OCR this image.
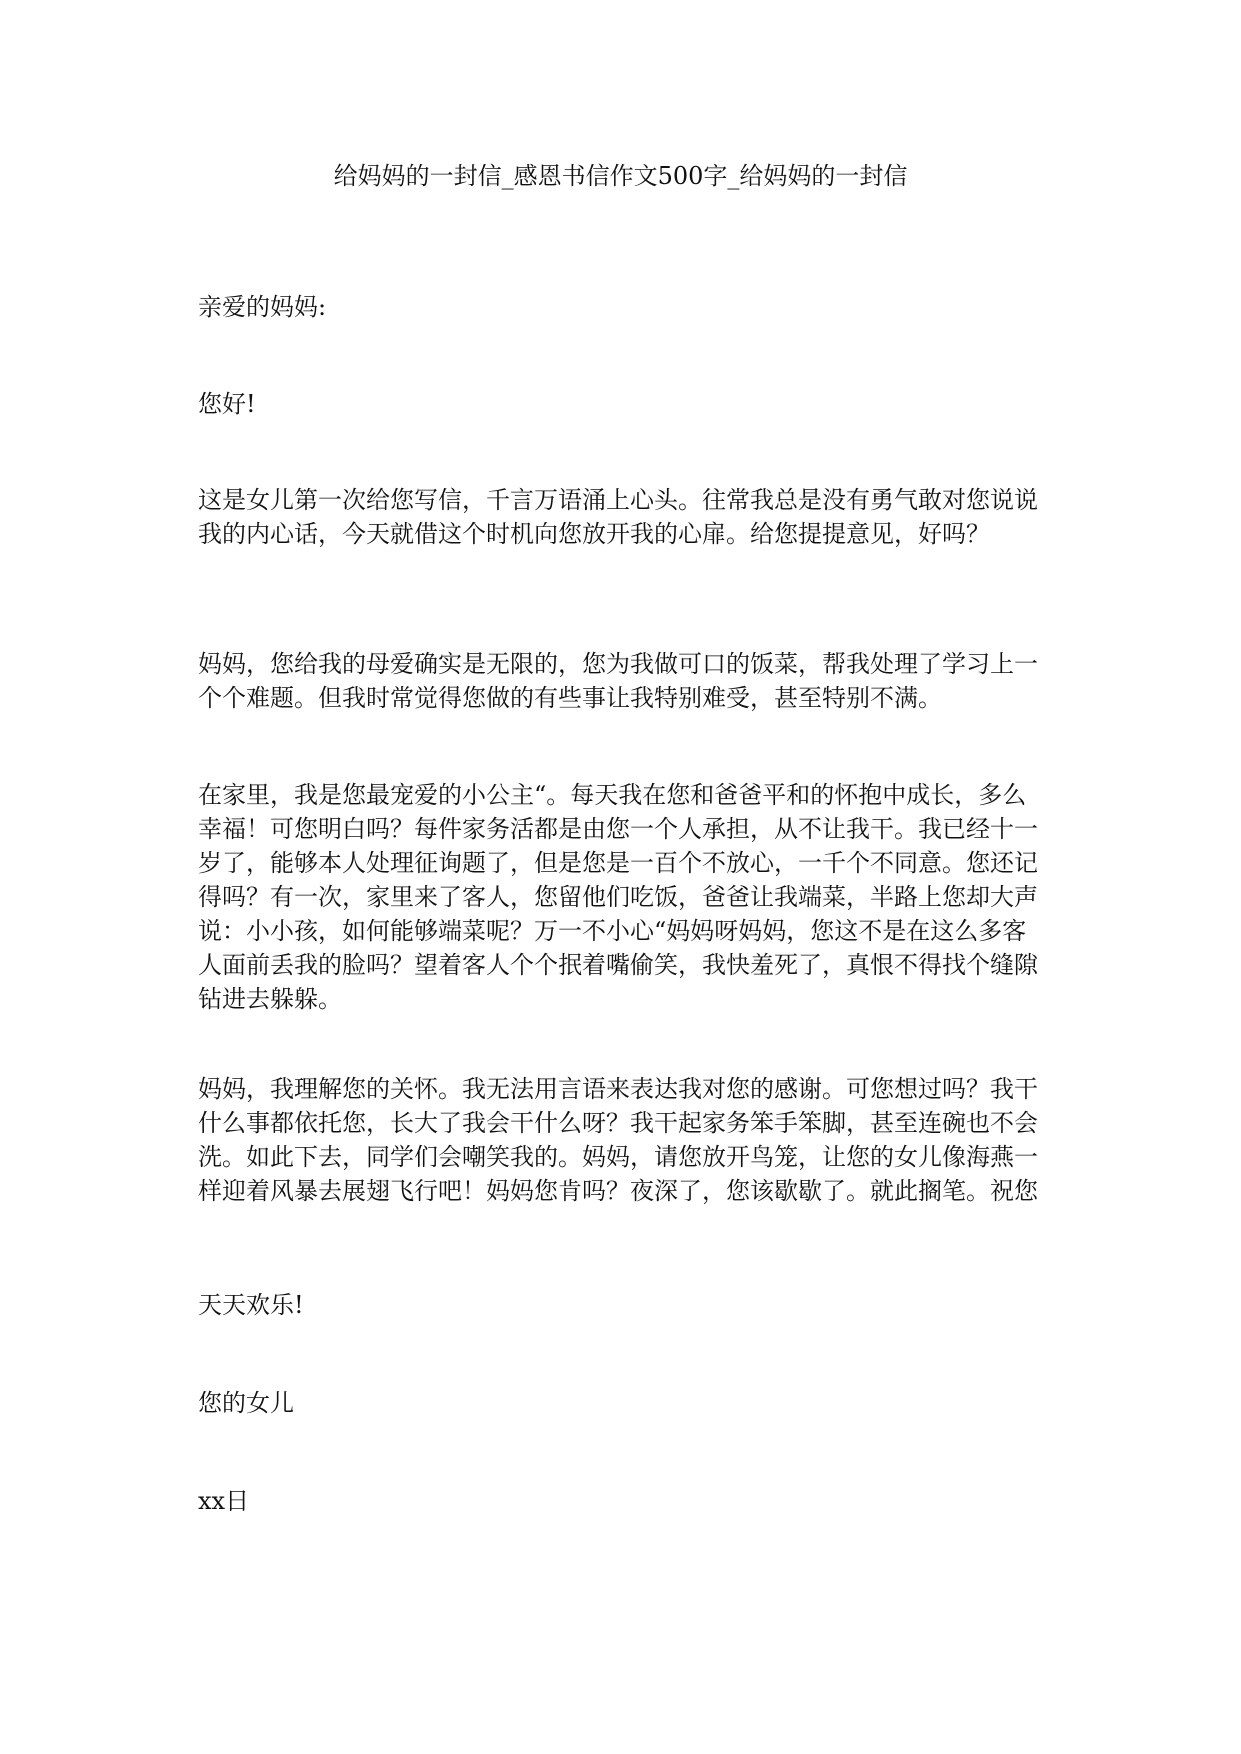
给妈妈的一封信_感恩书信作文500字_给妈妈的一封信

亲爱的妈妈:

您好!

这是女儿第一次给您写信，千言万语涌上心头。往常我总是没有勇气敢对您说说我的内心话，今天就借这个时机向您放开我的心扉。给您提提意见，好吗？

妈妈，您给我的母爱确实是无限的，您为我做可口的饭菜，帮我处理了学习上一个个难题。但我时常觉得您做的有些事让我特别难受，甚至特别不满。

在家里，我是您最宠爱的小公主“。每天我在您和爸爸平和的怀抱中成长，多么幸福！可您明白吗？每件家务活都是由您一个人承担，从不让我干。我已经十一岁了，能够本人处理征询题了，但是您是一百个不放心，一千个不同意。您还记得吗？有一次，家里来了客人，您留他们吃饭，爸爸让我端菜，半路上您却大声说：小小孩，如何能够端菜呢？万一不小心“妈妈呀妈妈，您这不是在这么多客人面前丢我的脸吗？望着客人个个抿着嘴偷笑，我快羞死了，真恨不得找个缝隙钻进去躲躲。

妈妈，我理解您的关怀。我无法用言语来表达我对您的感谢。可您想过吗？我干什么事都依托您，长大了我会干什么呀？我干起家务笨手笨脚，甚至连碗也不会洗。如此下去，同学们会嘲笑我的。妈妈，请您放开鸟笼，让您的女儿像海燕一样迎着风暴去展翅飞行吧！妈妈您肯吗？夜深了，您该歇歇了。就此搁笔。祝您

天天欢乐!

您的女儿

xx日
